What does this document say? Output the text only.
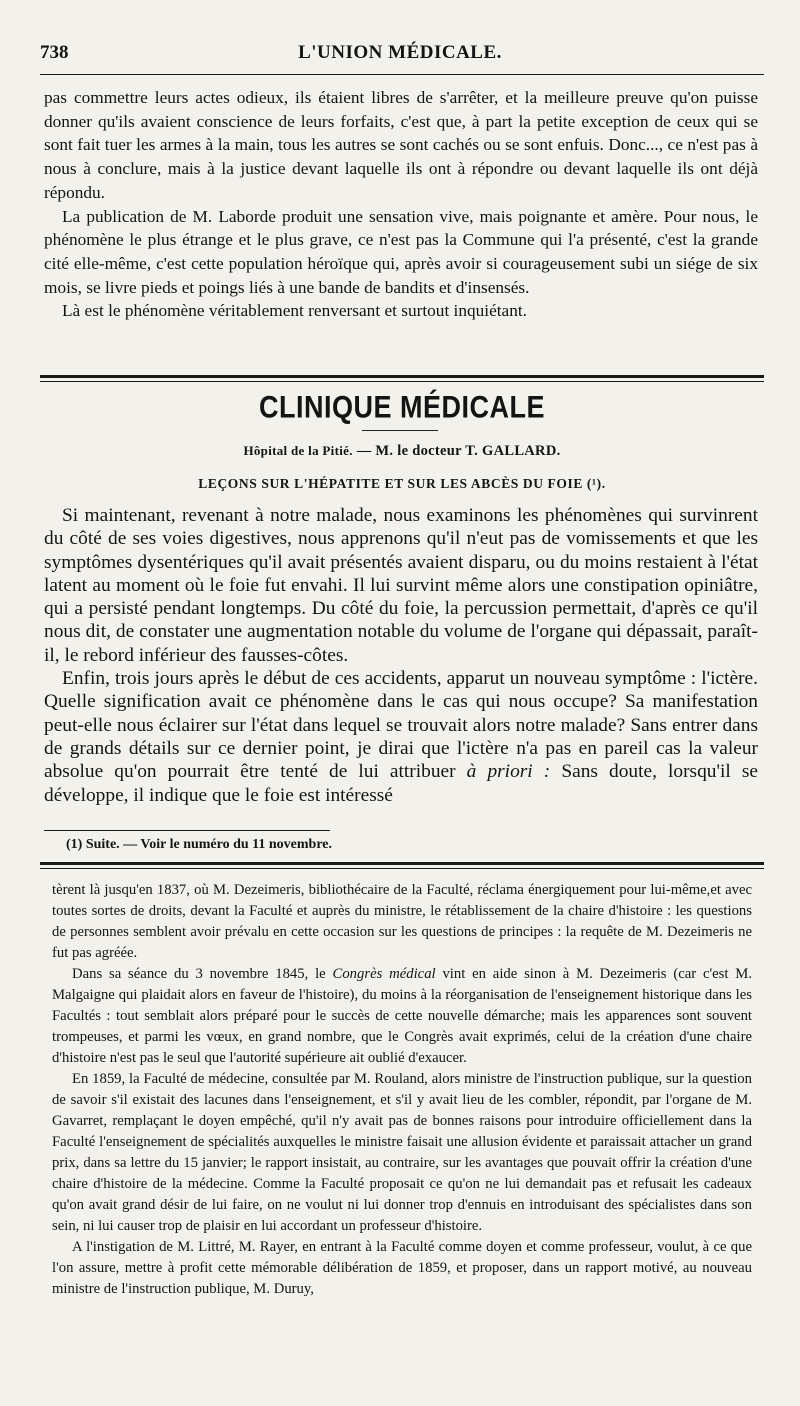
738	L'UNION MÉDICALE.

pas commettre leurs actes odieux, ils étaient libres de s'arrêter, et la meilleure preuve qu'on puisse donner qu'ils avaient conscience de leurs forfaits, c'est que, à part la petite exception de ceux qui se sont fait tuer les armes à la main, tous les autres se sont cachés ou se sont enfuis. Donc..., ce n'est pas à nous à conclure, mais à la justice devant laquelle ils ont à répondre ou devant laquelle ils ont déjà répondu.

La publication de M. Laborde produit une sensation vive, mais poignante et amère. Pour nous, le phénomène le plus étrange et le plus grave, ce n'est pas la Commune qui l'a présenté, c'est la grande cité elle-même, c'est cette population héroïque qui, après avoir si courageusement subi un siége de six mois, se livre pieds et poings liés à une bande de bandits et d'insensés.

Là est le phénomène véritablement renversant et surtout inquiétant.

CLINIQUE MÉDICALE
Hôpital de la Pitié. — M. le docteur T. GALLARD.
LEÇONS SUR L'HÉPATITE ET SUR LES ABCÈS DU FOIE (¹).

Si maintenant, revenant à notre malade, nous examinons les phénomènes qui survinrent du côté de ses voies digestives, nous apprenons qu'il n'eut pas de vomissements et que les symptômes dysentériques qu'il avait présentés avaient disparu, ou du moins restaient à l'état latent au moment où le foie fut envahi. Il lui survint même alors une constipation opiniâtre, qui a persisté pendant longtemps. Du côté du foie, la percussion permettait, d'après ce qu'il nous dit, de constater une augmentation notable du volume de l'organe qui dépassait, paraît-il, le rebord inférieur des fausses-côtes.

Enfin, trois jours après le début de ces accidents, apparut un nouveau symptôme : l'ictère. Quelle signification avait ce phénomène dans le cas qui nous occupe? Sa manifestation peut-elle nous éclairer sur l'état dans lequel se trouvait alors notre malade? Sans entrer dans de grands détails sur ce dernier point, je dirai que l'ictère n'a pas en pareil cas la valeur absolue qu'on pourrait être tenté de lui attribuer à priori : Sans doute, lorsqu'il se développe, il indique que le foie est intéressé

(1) Suite. — Voir le numéro du 11 novembre.

tèrent là jusqu'en 1837, où M. Dezeimeris, bibliothécaire de la Faculté, réclama énergiquement pour lui-même,et avec toutes sortes de droits, devant la Faculté et auprès du ministre, le rétablissement de la chaire d'histoire : les questions de personnes semblent avoir prévalu en cette occasion sur les questions de principes : la requête de M. Dezeimeris ne fut pas agréée.

Dans sa séance du 3 novembre 1845, le Congrès médical vint en aide sinon à M. Dezeimeris (car c'est M. Malgaigne qui plaidait alors en faveur de l'histoire), du moins à la réorganisation de l'enseignement historique dans les Facultés : tout semblait alors préparé pour le succès de cette nouvelle démarche; mais les apparences sont souvent trompeuses, et parmi les vœux, en grand nombre, que le Congrès avait exprimés, celui de la création d'une chaire d'histoire n'est pas le seul que l'autorité supérieure ait oublié d'exaucer.

En 1859, la Faculté de médecine, consultée par M. Rouland, alors ministre de l'instruction publique, sur la question de savoir s'il existait des lacunes dans l'enseignement, et s'il y avait lieu de les combler, répondit, par l'organe de M. Gavarret, remplaçant le doyen empêché, qu'il n'y avait pas de bonnes raisons pour introduire officiellement dans la Faculté l'enseignement de spécialités auxquelles le ministre faisait une allusion évidente et paraissait attacher un grand prix, dans sa lettre du 15 janvier; le rapport insistait, au contraire, sur les avantages que pouvait offrir la création d'une chaire d'histoire de la médecine. Comme la Faculté proposait ce qu'on ne lui demandait pas et refusait les cadeaux qu'on avait grand désir de lui faire, on ne voulut ni lui donner trop d'ennuis en introduisant des spécialistes dans son sein, ni lui causer trop de plaisir en lui accordant un professeur d'histoire.

A l'instigation de M. Littré, M. Rayer, en entrant à la Faculté comme doyen et comme professeur, voulut, à ce que l'on assure, mettre à profit cette mémorable délibération de 1859, et proposer, dans un rapport motivé, au nouveau ministre de l'instruction publique, M. Duruy,
